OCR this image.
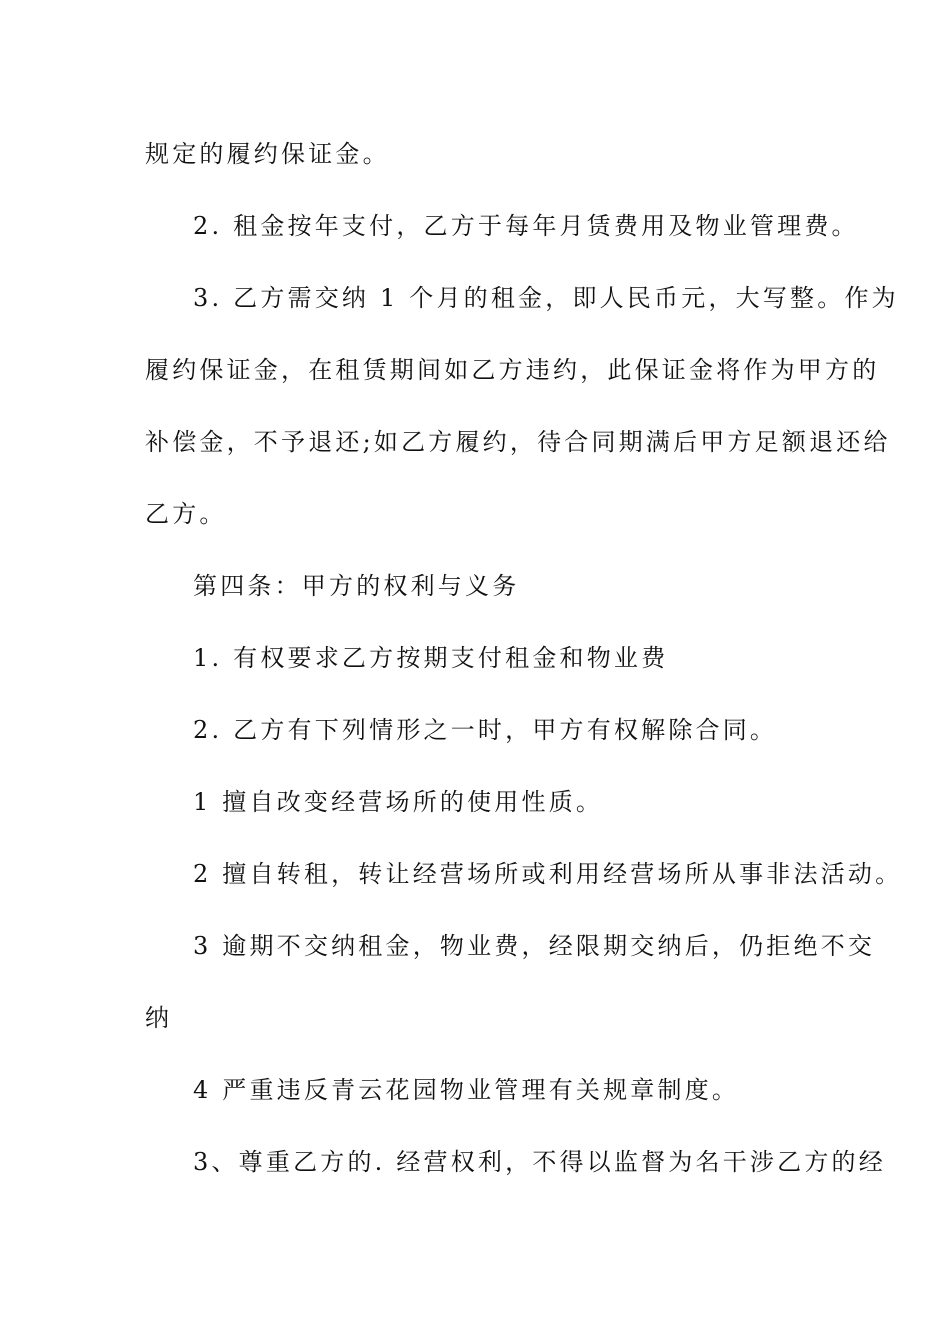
规定的履约保证金。
2. 租金按年支付，乙方于每年月赁费用及物业管理费。
3. 乙方需交纳 1 个月的租金，即人民币元，大写整。作为
履约保证金，在租赁期间如乙方违约，此保证金将作为甲方的
补偿金，不予退还;如乙方履约，待合同期满后甲方足额退还给
乙方。
第四条：甲方的权利与义务
1. 有权要求乙方按期支付租金和物业费
2. 乙方有下列情形之一时，甲方有权解除合同。
1 擅自改变经营场所的使用性质。
2 擅自转租，转让经营场所或利用经营场所从事非法活动。
3 逾期不交纳租金，物业费，经限期交纳后，仍拒绝不交
纳
4 严重违反青云花园物业管理有关规章制度。
3、尊重乙方的. 经营权利，不得以监督为名干涉乙方的经
